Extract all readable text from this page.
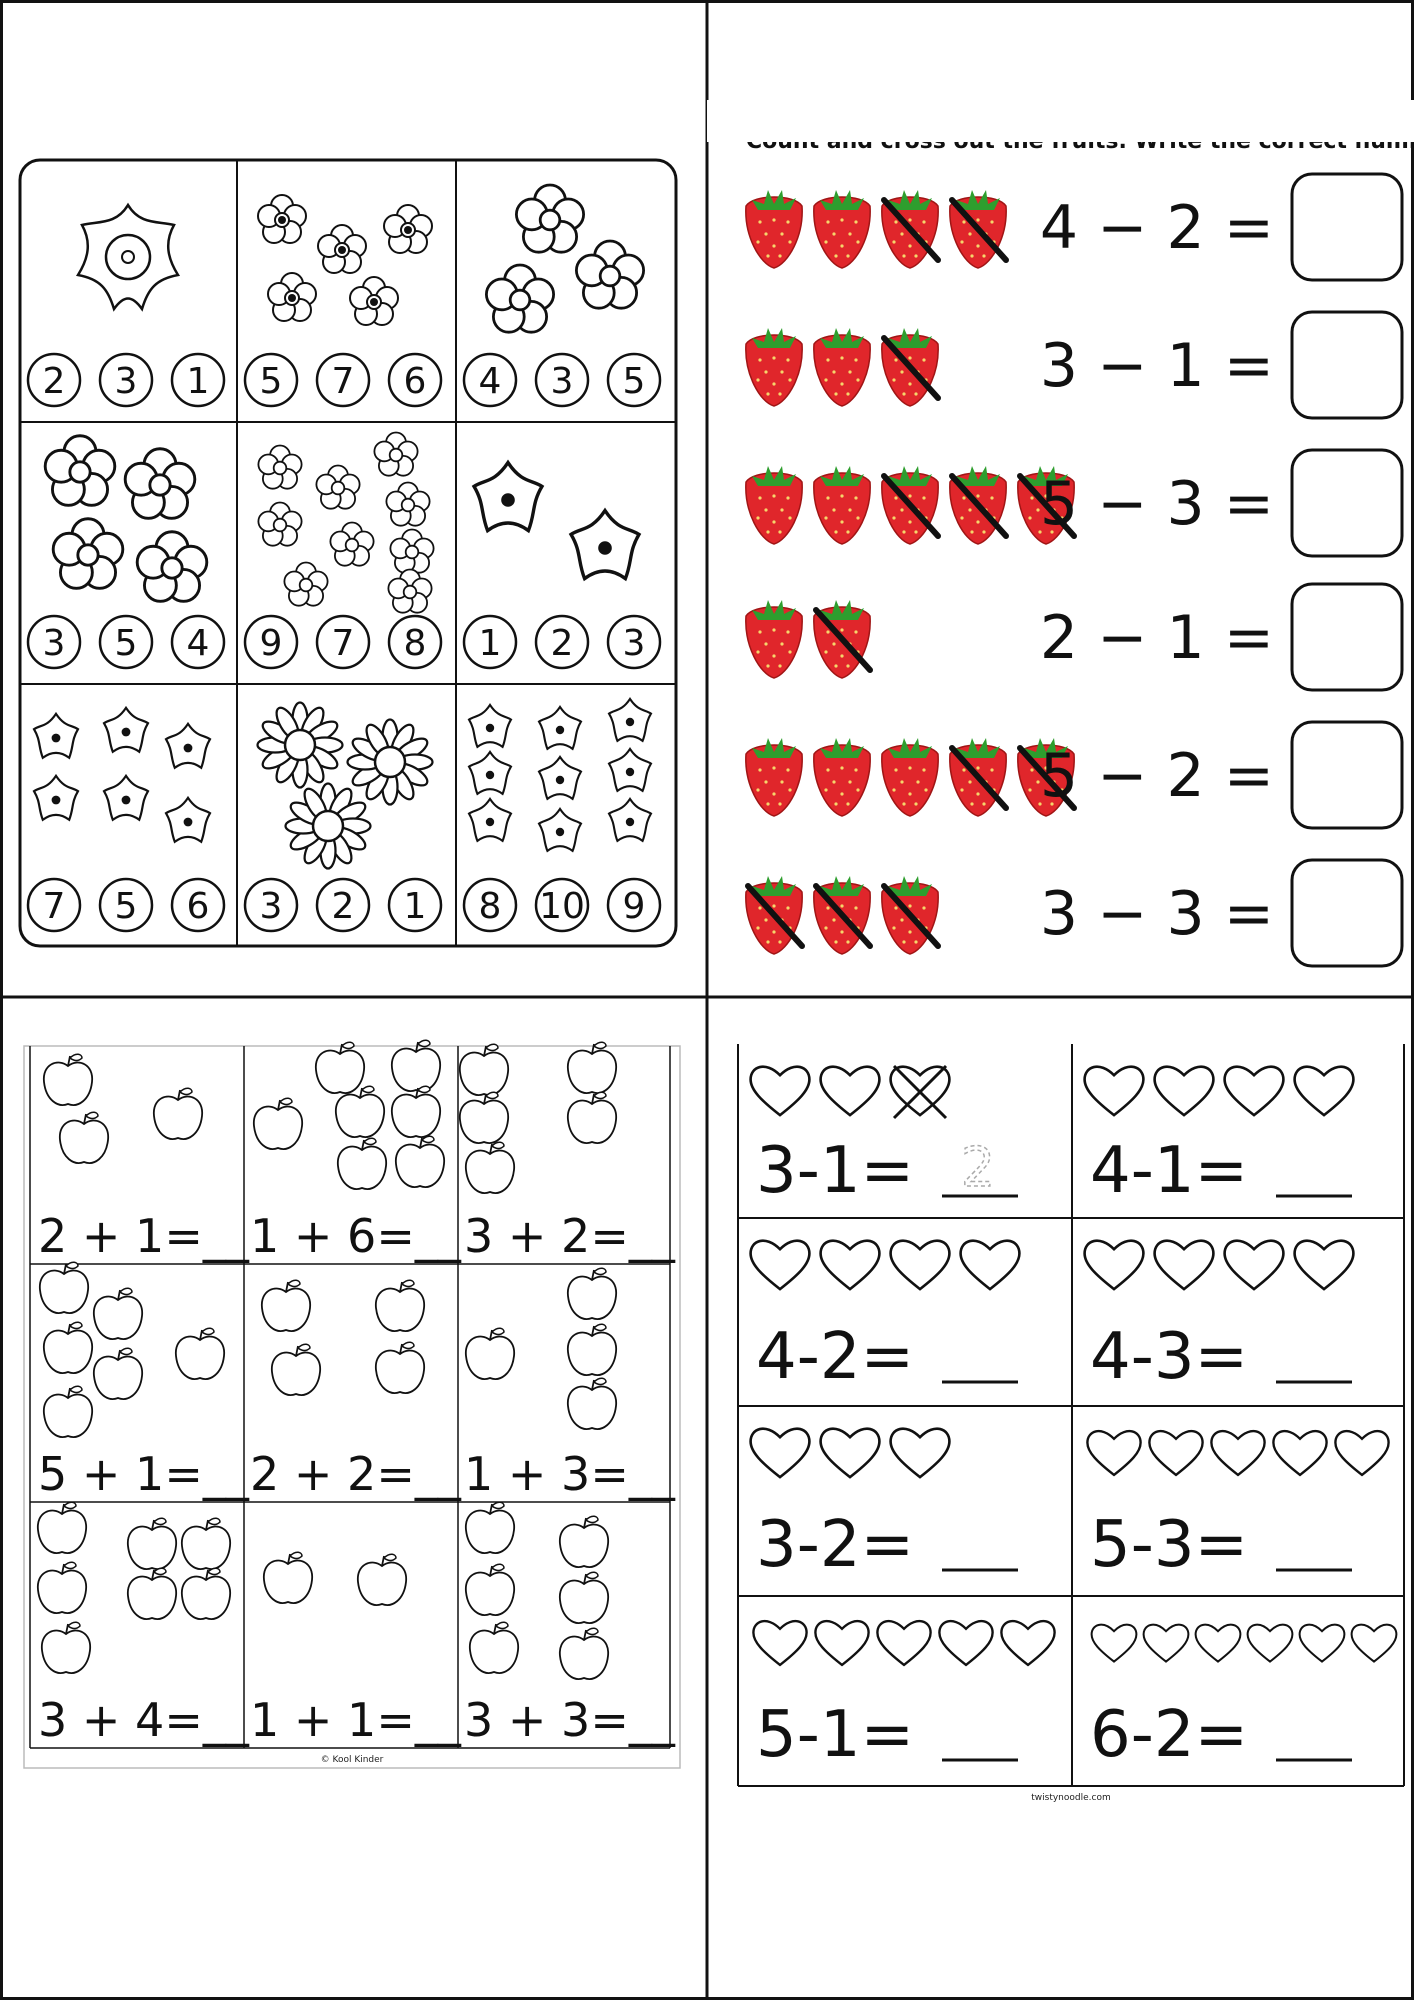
2 3 1 5 7 6 4 3 5
3 5 4 9 7 8 1 2 3
7 5 6 3 2 1 8 10 9
4 − 2 =
3 − 1 =
5 − 3 =
2 − 1 =
5 − 2 =
3 − 3 =
2 + 1=__ 1 + 6=__ 3 + 2=__
5 + 1=__ 2 + 2=__ 1 + 3=__
3 + 4=__ 1 + 1=__ 3 + 3=__
© Kool Kinder
3-1= 2 4-1=
4-2=	4-3=
3-2=	5-3=
5-1=	6-2=
twistynoodle.com
